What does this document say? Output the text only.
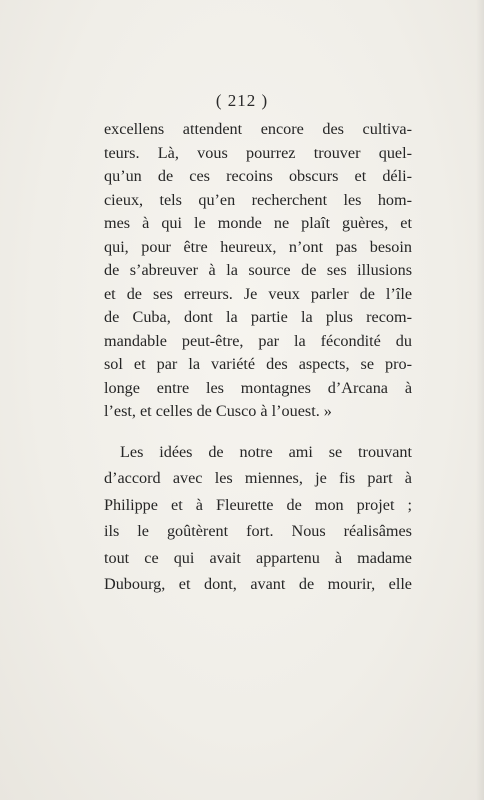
( 212 )
excellens attendent encore des cultiva-
teurs. Là, vous pourrez trouver quel-
qu’un de ces recoins obscurs et déli-
cieux, tels qu’en recherchent les hom-
mes à qui le monde ne plaît guères, et
qui, pour être heureux, n’ont pas besoin
de s’abreuver à la source de ses illusions
et de ses erreurs. Je veux parler de l’île
de Cuba, dont la partie la plus recom-
mandable peut-être, par la fécondité du
sol et par la variété des aspects, se pro-
longe entre les montagnes d’Arcana à
l’est, et celles de Cusco à l’ouest. »
Les idées de notre ami se trouvant
d’accord avec les miennes, je fis part à
Philippe et à Fleurette de mon projet ;
ils le goûtèrent fort. Nous réalisâmes
tout ce qui avait appartenu à madame
Dubourg, et dont, avant de mourir, elle
